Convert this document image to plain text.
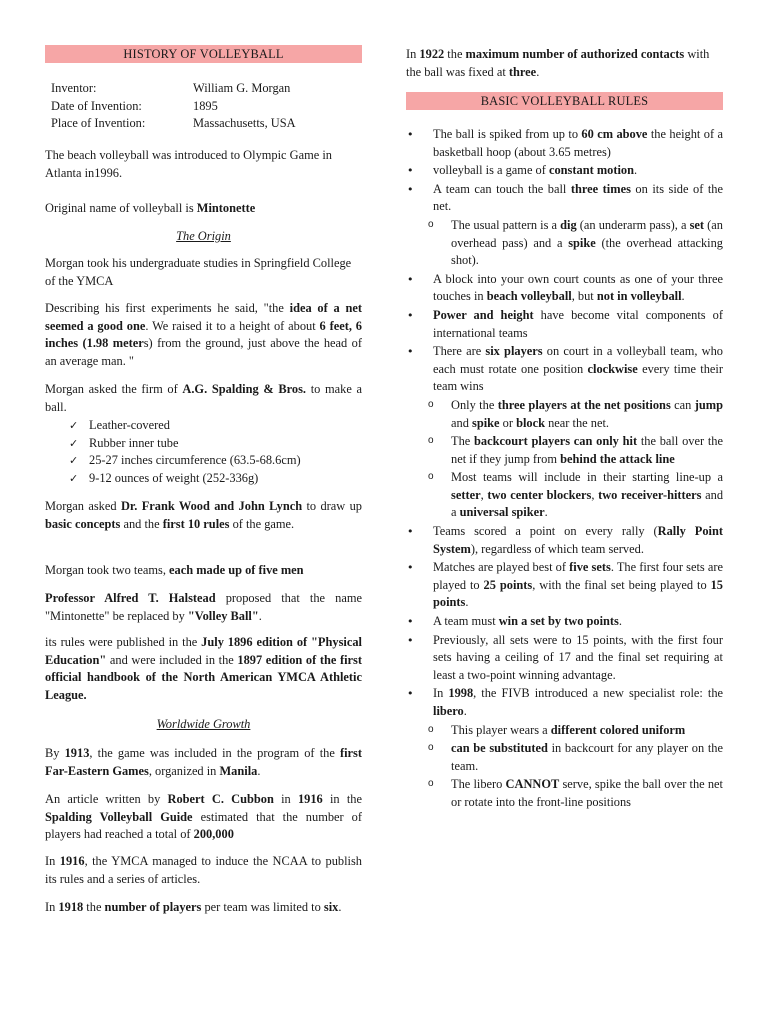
HISTORY OF VOLLEYBALL
Inventor:	William G. Morgan
Date of Invention:	1895
Place of Invention:	Massachusetts, USA
The beach volleyball was introduced to Olympic Game in Atlanta in1996.
Original name of volleyball is Mintonette
The Origin
Morgan took his undergraduate studies in Springfield College of the YMCA
Describing his first experiments he said, "the idea of a net seemed a good one. We raised it to a height of about 6 feet, 6 inches (1.98 meters) from the ground, just above the head of an average man. "
Morgan asked the firm of A.G. Spalding & Bros. to make a ball.
✓ Leather-covered
✓ Rubber inner tube
✓ 25-27 inches circumference (63.5-68.6cm)
✓ 9-12 ounces of weight (252-336g)
Morgan asked Dr. Frank Wood and John Lynch to draw up basic concepts and the first 10 rules of the game.
Morgan took two teams, each made up of five men
Professor Alfred T. Halstead proposed that the name "Mintonette" be replaced by "Volley Ball".
its rules were published in the July 1896 edition of "Physical Education" and were included in the 1897 edition of the first official handbook of the North American YMCA Athletic League.
Worldwide Growth
By 1913, the game was included in the program of the first Far-Eastern Games, organized in Manila.
An article written by Robert C. Cubbon in 1916 in the Spalding Volleyball Guide estimated that the number of players had reached a total of 200,000
In 1916, the YMCA managed to induce the NCAA to publish its rules and a series of articles.
In 1918 the number of players per team was limited to six.
In 1922 the maximum number of authorized contacts with the ball was fixed at three.
BASIC VOLLEYBALL RULES
• The ball is spiked from up to 60 cm above the height of a basketball hoop (about 3.65 metres)
• volleyball is a game of constant motion.
• A team can touch the ball three times on its side of the net.
o The usual pattern is a dig (an underarm pass), a set (an overhead pass) and a spike (the overhead attacking shot).
• A block into your own court counts as one of your three touches in beach volleyball, but not in volleyball.
• Power and height have become vital components of international teams
• There are six players on court in a volleyball team, who each must rotate one position clockwise every time their team wins
o Only the three players at the net positions can jump and spike or block near the net.
o The backcourt players can only hit the ball over the net if they jump from behind the attack line
o Most teams will include in their starting line-up a setter, two center blockers, two receiver-hitters and a universal spiker.
• Teams scored a point on every rally (Rally Point System), regardless of which team served.
• Matches are played best of five sets. The first four sets are played to 25 points, with the final set being played to 15 points.
• A team must win a set by two points.
• Previously, all sets were to 15 points, with the first four sets having a ceiling of 17 and the final set requiring at least a two-point winning advantage.
• In 1998, the FIVB introduced a new specialist role: the libero.
o This player wears a different colored uniform
o can be substituted in backcourt for any player on the team.
o The libero CANNOT serve, spike the ball over the net or rotate into the front-line positions
